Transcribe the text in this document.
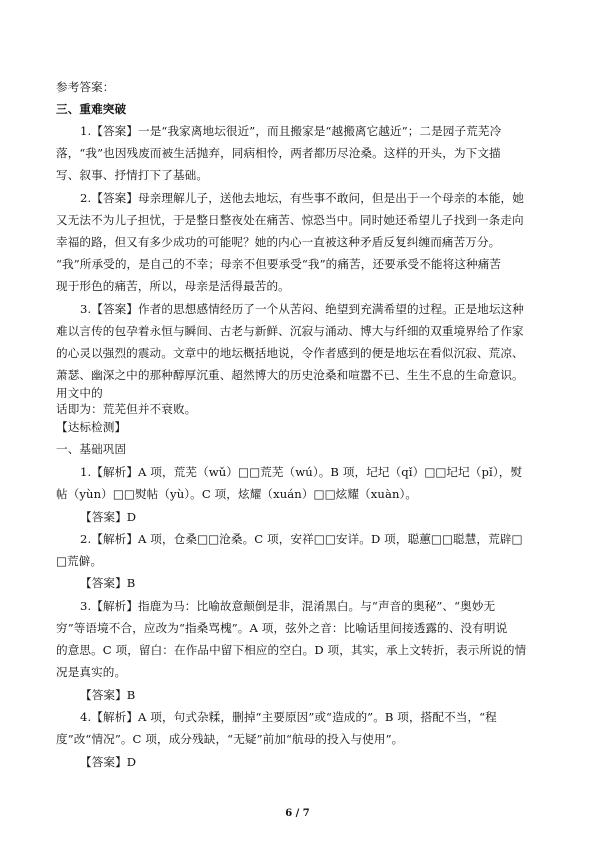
参考答案：
三、重难突破
1.【答案】一是“我家离地坛很近”，而且搬家是“越搬离它越近”；二是园子荒芜冷
落，“我”也因残废而被生活抛弃，同病相怜，两者都历尽沧桑。这样的开头，为下文描
写、叙事、抒情打下了基础。
2.【答案】母亲理解儿子，送他去地坛，有些事不敢问，但是出于一个母亲的本能，她
又无法不为儿子担忧，于是整日整夜处在痛苦、惊恐当中。同时她还希望儿子找到一条走向
幸福的路，但又有多少成功的可能呢？她的内心一直被这种矛盾反复纠缠而痛苦万分。
“我”所承受的，是自己的不幸；母亲不但要承受“我”的痛苦，还要承受不能将这种痛苦
现于形色的痛苦，所以，母亲是活得最苦的。
3.【答案】作者的思想感情经历了一个从苦闷、绝望到充满希望的过程。正是地坛这种
难以言传的包孕着永恒与瞬间、古老与新鲜、沉寂与涌动、博大与纤细的双重境界给了作家
的心灵以强烈的震动。文章中的地坛概括地说，令作者感到的便是地坛在看似沉寂、荒凉、
萧瑟、幽深之中的那种醇厚沉重、超然博大的历史沧桑和喧嚣不已、生生不息的生命意识。
用文中的
话即为：荒芜但并不衰败。
【达标检测】
一、基础巩固
1.【解析】A 项，荒芜（wǔ）□□荒芜（wú）。B 项，圮圮（qǐ）□□圮圮（pǐ），熨
帖（yùn）□□熨帖（yù）。C 项，炫耀（xuán）□□炫耀（xuàn）。
【答案】D
2.【解析】A 项，仓桑□□沧桑。C 项，安祥□□安详。D 项，聪蕙□□聪慧，荒辟□
□荒僻。
【答案】B
3.【解析】指鹿为马：比喻故意颠倒是非，混淆黑白。与“声音的奥秘”、“奥妙无
穷”等语境不合，应改为“指桑骂槐”。A 项，弦外之音：比喻话里间接透露的、没有明说
的意思。C 项，留白：在作品中留下相应的空白。D 项，其实，承上文转折，表示所说的情
况是真实的。
【答案】B
4.【解析】A 项，句式杂糅，删掉“主要原因”或“造成的”。B 项，搭配不当，“程
度”改“情况”。C 项，成分残缺，“无疑”前加“航母的投入与使用”。
【答案】D
6 / 7
